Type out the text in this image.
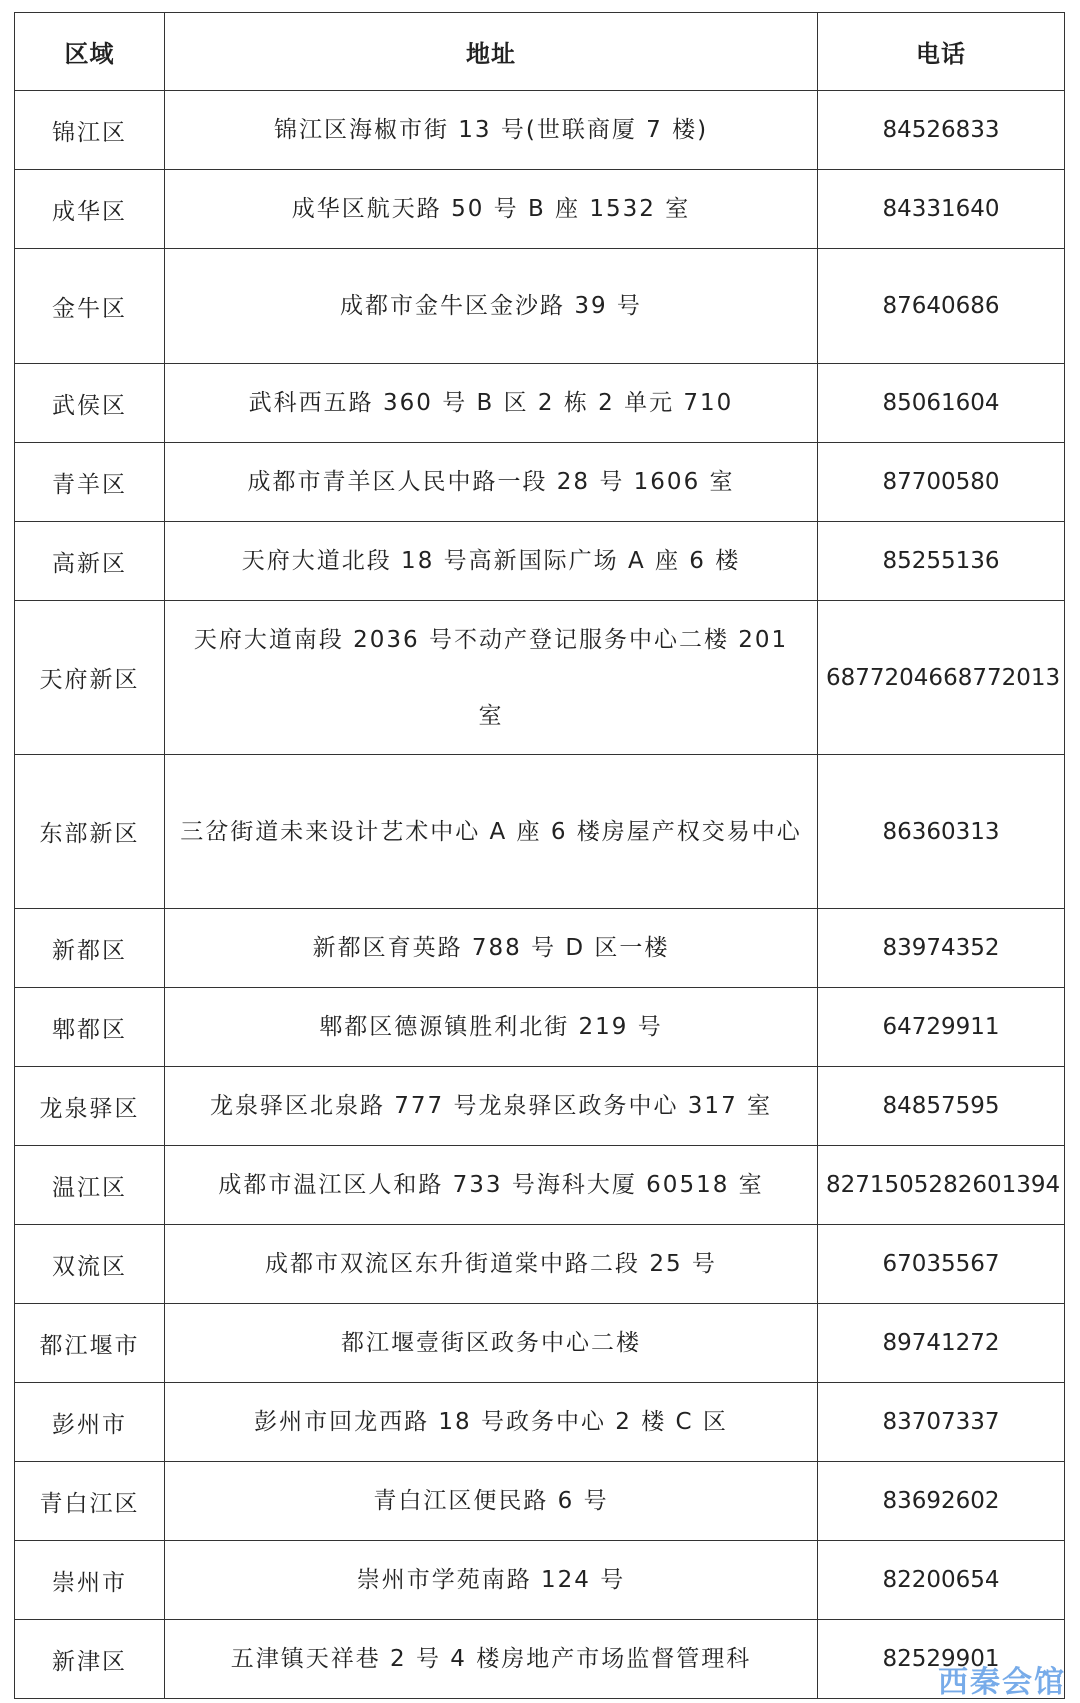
区域	地址	电话
锦江区	锦江区海椒市街 13 号(世联商厦 7 楼)	84526833
成华区	成华区航天路 50 号 B 座 1532 室	84331640
金牛区	成都市金牛区金沙路 39 号	87640686
武侯区	武科西五路 360 号 B 区 2 栋 2 单元 710	85061604
青羊区	成都市青羊区人民中路一段 28 号 1606 室	87700580
高新区	天府大道北段 18 号高新国际广场 A 座 6 楼	85255136
天府新区	天府大道南段 2036 号不动产登记服务中心二楼 201 室	6877204668772013
东部新区	三岔街道未来设计艺术中心 A 座 6 楼房屋产权交易中心	86360313
新都区	新都区育英路 788 号 D 区一楼	83974352
郫都区	郫都区德源镇胜利北街 219 号	64729911
龙泉驿区	龙泉驿区北泉路 777 号龙泉驿区政务中心 317 室	84857595
温江区	成都市温江区人和路 733 号海科大厦 60518 室	8271505282601394
双流区	成都市双流区东升街道棠中路二段 25 号	67035567
都江堰市	都江堰壹街区政务中心二楼	89741272
彭州市	彭州市回龙西路 18 号政务中心 2 楼 C 区	83707337
青白江区	青白江区便民路 6 号	83692602
崇州市	崇州市学苑南路 124 号	82200654
新津区	五津镇天祥巷 2 号 4 楼房地产市场监督管理科	82529901
西秦会馆
